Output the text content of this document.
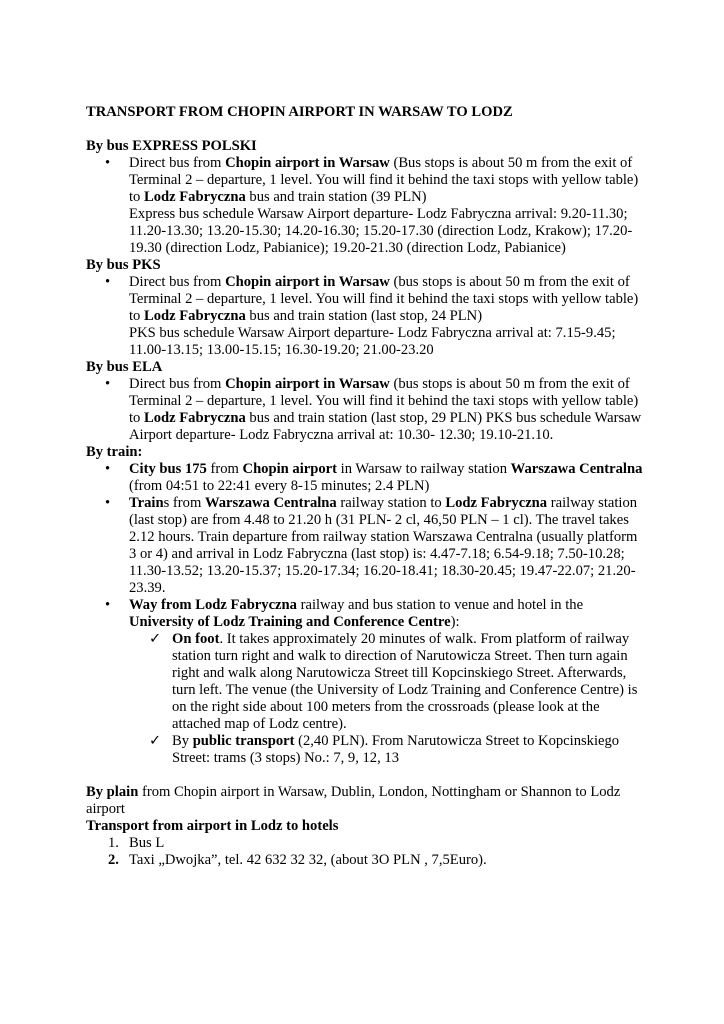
TRANSPORT FROM CHOPIN AIRPORT IN WARSAW TO LODZ
By bus EXPRESS POLSKI
• Direct bus from Chopin airport in Warsaw (Bus stops is about 50 m from the exit of Terminal 2 – departure, 1 level. You will find it behind the taxi stops with yellow table) to Lodz Fabryczna bus and train station (39 PLN)
Express bus schedule Warsaw Airport departure- Lodz Fabryczna arrival: 9.20-11.30; 11.20-13.30; 13.20-15.30; 14.20-16.30; 15.20-17.30 (direction Lodz, Krakow); 17.20-19.30 (direction Lodz, Pabianice); 19.20-21.30 (direction Lodz, Pabianice)
By bus PKS
• Direct bus from Chopin airport in Warsaw (bus stops is about 50 m from the exit of Terminal 2 – departure, 1 level. You will find it behind the taxi stops with yellow table) to Lodz Fabryczna bus and train station (last stop, 24 PLN)
PKS bus schedule Warsaw Airport departure- Lodz Fabryczna arrival at: 7.15-9.45; 11.00-13.15; 13.00-15.15; 16.30-19.20; 21.00-23.20
By bus ELA
• Direct bus from Chopin airport in Warsaw (bus stops is about 50 m from the exit of Terminal 2 – departure, 1 level. You will find it behind the taxi stops with yellow table) to Lodz Fabryczna bus and train station (last stop, 29 PLN) PKS bus schedule Warsaw Airport departure- Lodz Fabryczna arrival at: 10.30- 12.30; 19.10-21.10.
By train:
• City bus 175 from Chopin airport in Warsaw to railway station Warszawa Centralna (from 04:51 to 22:41 every 8-15 minutes; 2.4 PLN)
• Trains from Warszawa Centralna railway station to Lodz Fabryczna railway station (last stop) are from 4.48 to 21.20 h (31 PLN- 2 cl, 46,50 PLN – 1 cl). The travel takes 2.12 hours. Train departure from railway station Warszawa Centralna (usually platform 3 or 4) and arrival in Lodz Fabryczna (last stop) is: 4.47-7.18; 6.54-9.18; 7.50-10.28; 11.30-13.52; 13.20-15.37; 15.20-17.34; 16.20-18.41; 18.30-20.45; 19.47-22.07; 21.20-23.39.
• Way from Lodz Fabryczna railway and bus station to venue and hotel in the University of Lodz Training and Conference Centre):
✓ On foot. It takes approximately 20 minutes of walk. From platform of railway station turn right and walk to direction of Narutowicza Street. Then turn again right and walk along Narutowicza Street till Kopcinskiego Street. Afterwards, turn left. The venue (the University of Lodz Training and Conference Centre) is on the right side about 100 meters from the crossroads (please look at the attached map of Lodz centre).
✓ By public transport (2,40 PLN). From Narutowicza Street to Kopcinskiego Street: trams (3 stops) No.: 7, 9, 12, 13
By plain from Chopin airport in Warsaw, Dublin, London, Nottingham or Shannon to Lodz airport
Transport from airport in Lodz to hotels
1. Bus L
2. Taxi „Dwojka”, tel. 42 632 32 32, (about 3O PLN , 7,5Euro).
